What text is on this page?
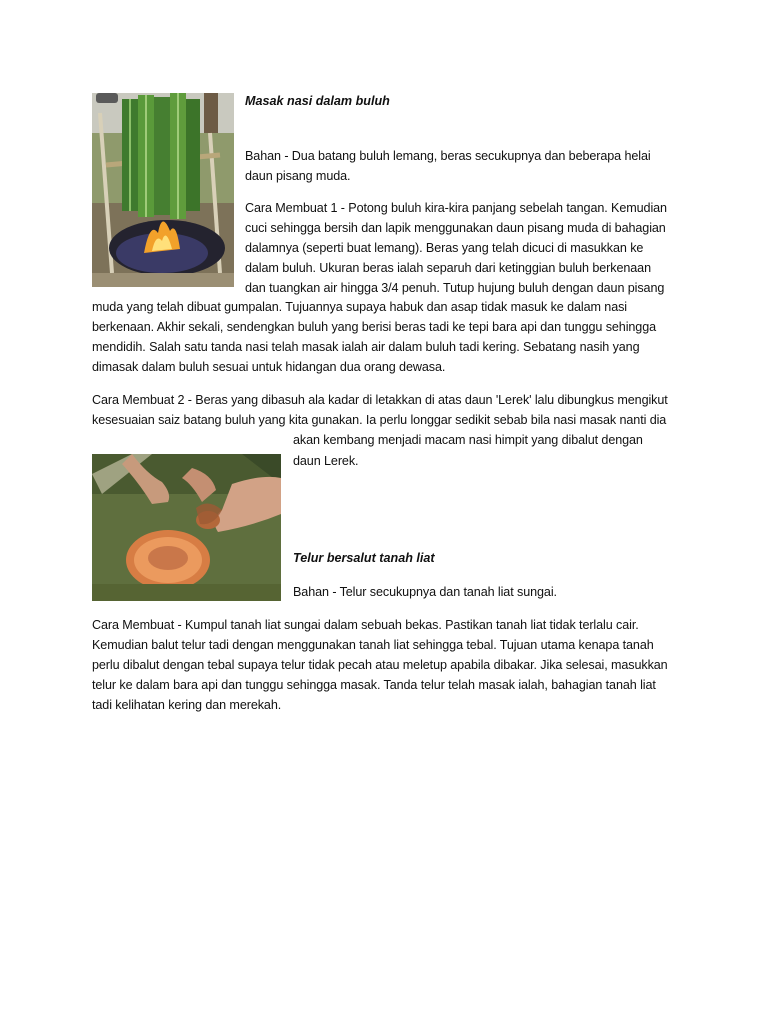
Masak nasi dalam buluh

Bahan - Dua batang buluh lemang, beras secukupnya dan beberapa helai daun pisang muda.

Cara Membuat 1 - Potong buluh kira-kira panjang sebelah tangan. Kemudian

cuci sehingga bersih dan lapik menggunakan daun pisang muda di bahagian

dalamnya (seperti buat lemang). Beras yang telah dicuci di masukkan ke

dalam buluh. Ukuran beras ialah separuh dari ketinggian buluh berkenaan

dan tuangkan air hingga 3/4 penuh. Tutup hujung buluh dengan daun pisang

muda yang telah dibuat gumpalan. Tujuannya supaya habuk dan asap tidak masuk ke dalam nasi

berkenaan. Akhir sekali, sendengkan buluh yang berisi beras tadi ke tepi bara api dan tunggu sehingga

mendidih. Salah satu tanda nasi telah masak ialah air dalam buluh tadi kering. Sebatang nasih yang

dimasak dalam buluh sesuai untuk hidangan dua orang dewasa.

Cara Membuat 2 - Beras yang dibasuh ala kadar di letakkan di atas daun 'Lerek' lalu dibungkus mengikut

kesesuaian saiz batang buluh yang kita gunakan. Ia perlu longgar sedikit sebab bila nasi masak nanti dia

akan kembang menjadi macam nasi himpit yang dibalut dengan

daun Lerek.

Telur bersalut tanah liat

Bahan - Telur secukupnya dan tanah liat sungai.

Cara Membuat - Kumpul tanah liat sungai dalam sebuah bekas. Pastikan tanah liat tidak terlalu cair.

Kemudian balut telur tadi dengan menggunakan tanah liat sehingga tebal. Tujuan utama kenapa tanah

perlu dibalut dengan tebal supaya telur tidak pecah atau meletup apabila dibakar. Jika selesai, masukkan

telur ke dalam bara api dan tunggu sehingga masak. Tanda telur telah masak ialah, bahagian tanah liat

tadi kelihatan kering dan merekah.
